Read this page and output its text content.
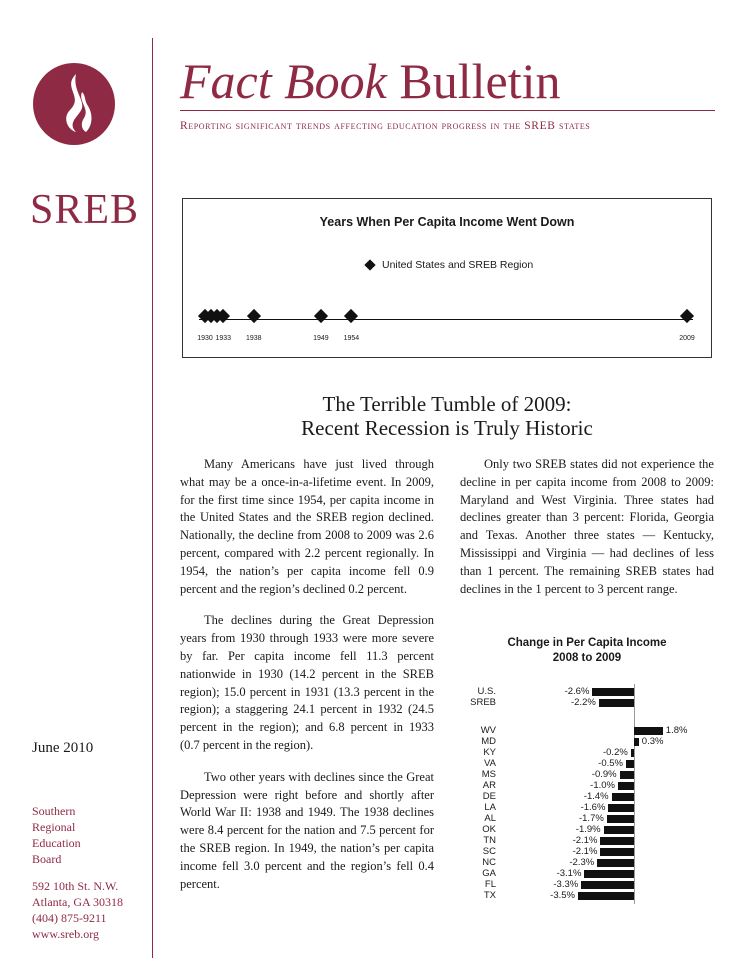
SREB
June 2010
Southern
Regional
Education
Board
592 10th St. N.W.
Atlanta, GA 30318
(404) 875-9211
www.sreb.org
Fact Book Bulletin
Reporting significant trends affecting education progress in the SREB states
Years When Per Capita Income Went Down
United States and SREB Region
1930 1933 1938	1949 1954	2009
The Terrible Tumble of 2009:
Recent Recession is Truly Historic

Many Americans have just lived through what may be a once-in-a-lifetime event. In 2009, for the first time since 1954, per capita income in the United States and the SREB region declined. Nationally, the decline from 2008 to 2009 was 2.6 percent, compared with 2.2 percent regionally. In 1954, the nation’s per capita income fell 0.9 percent and the region’s declined 0.2 percent.

The declines during the Great Depression years from 1930 through 1933 were more severe by far. Per capita income fell 11.3 percent nationwide in 1930 (14.2 percent in the SREB region); 15.0 percent in 1931 (13.3 percent in the region); a staggering 24.1 percent in 1932 (24.5 percent in the region); and 6.8 percent in 1933 (0.7 percent in the region).

Two other years with declines since the Great Depression were right before and shortly after World War II: 1938 and 1949. The 1938 declines were 8.4 percent for the nation and 7.5 percent for the SREB region. In 1949, the nation’s per capita income fell 3.0 percent and the region’s fell 0.4 percent.

Only two SREB states did not experience the decline in per capita income from 2008 to 2009: Maryland and West Virginia. Three states had declines greater than 3 percent: Florida, Georgia and Texas. Another three states — Kentucky, Mississippi and Virginia — had declines of less than 1 percent. The remaining SREB states had declines in the 1 percent to 3 percent range.

Change in Per Capita Income
2008 to 2009
U.S.	-2.6%
SREB	-2.2%
WV	1.8%
MD	0.3%
KY	-0.2%
VA	-0.5%
MS	-0.9%
AR	-1.0%
DE	-1.4%
LA	-1.6%
AL	-1.7%
OK	-1.9%
TN	-2.1%
SC	-2.1%
NC	-2.3%
GA	-3.1%
FL	-3.3%
TX	-3.5%
